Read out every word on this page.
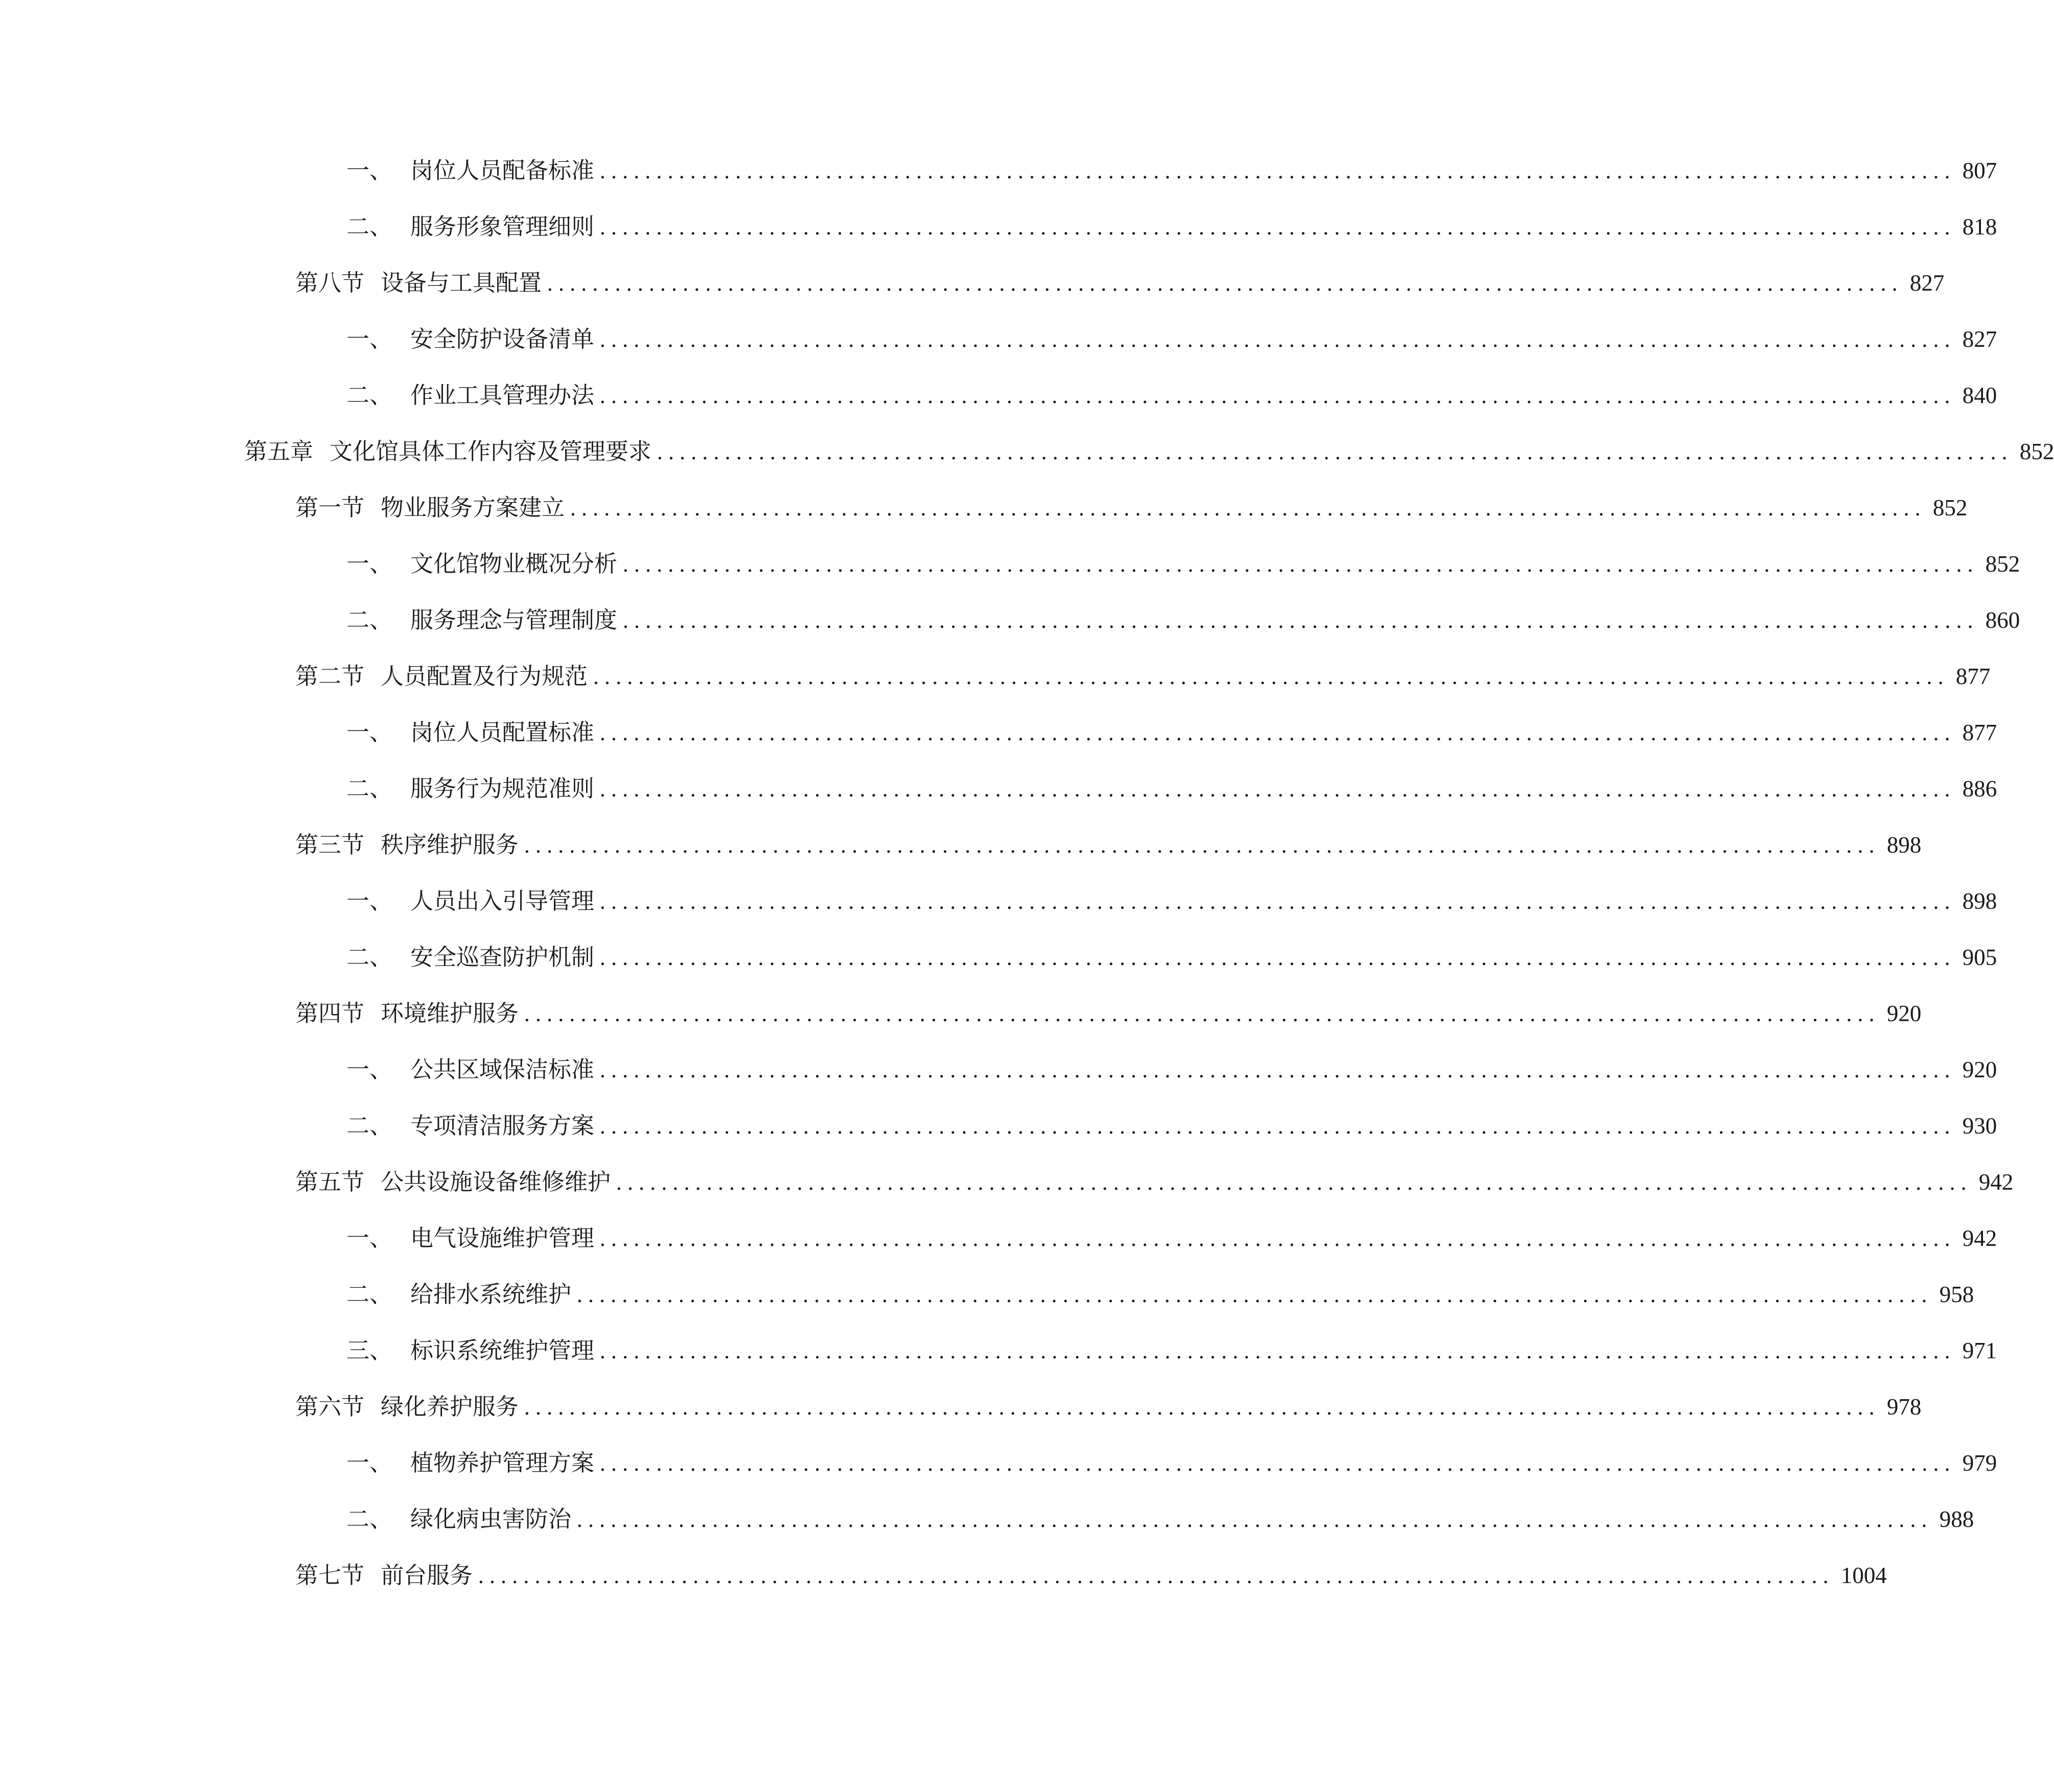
一、 岗位人员配备标准 ........................................................................................................................ 807
二、 服务形象管理细则 ........................................................................................................................ 818
第八节 设备与工具配置 ........................................................................................................................ 827
一、 安全防护设备清单 ........................................................................................................................ 827
二、 作业工具管理办法 ........................................................................................................................ 840
第五章 文化馆具体工作内容及管理要求 ........................................................................................................................ 852
第一节 物业服务方案建立 ........................................................................................................................ 852
一、 文化馆物业概况分析 ........................................................................................................................ 852
二、 服务理念与管理制度 ........................................................................................................................ 860
第二节 人员配置及行为规范 ........................................................................................................................ 877
一、 岗位人员配置标准 ........................................................................................................................ 877
二、 服务行为规范准则 ........................................................................................................................ 886
第三节 秩序维护服务 ........................................................................................................................ 898
一、 人员出入引导管理 ........................................................................................................................ 898
二、 安全巡查防护机制 ........................................................................................................................ 905
第四节 环境维护服务 ........................................................................................................................ 920
一、 公共区域保洁标准 ........................................................................................................................ 920
二、 专项清洁服务方案 ........................................................................................................................ 930
第五节 公共设施设备维修维护 ........................................................................................................................ 942
一、 电气设施维护管理 ........................................................................................................................ 942
二、 给排水系统维护 ........................................................................................................................ 958
三、 标识系统维护管理 ........................................................................................................................ 971
第六节 绿化养护服务 ........................................................................................................................ 978
一、 植物养护管理方案 ........................................................................................................................ 979
二、 绿化病虫害防治 ........................................................................................................................ 988
第七节 前台服务 ........................................................................................................................ 1004
